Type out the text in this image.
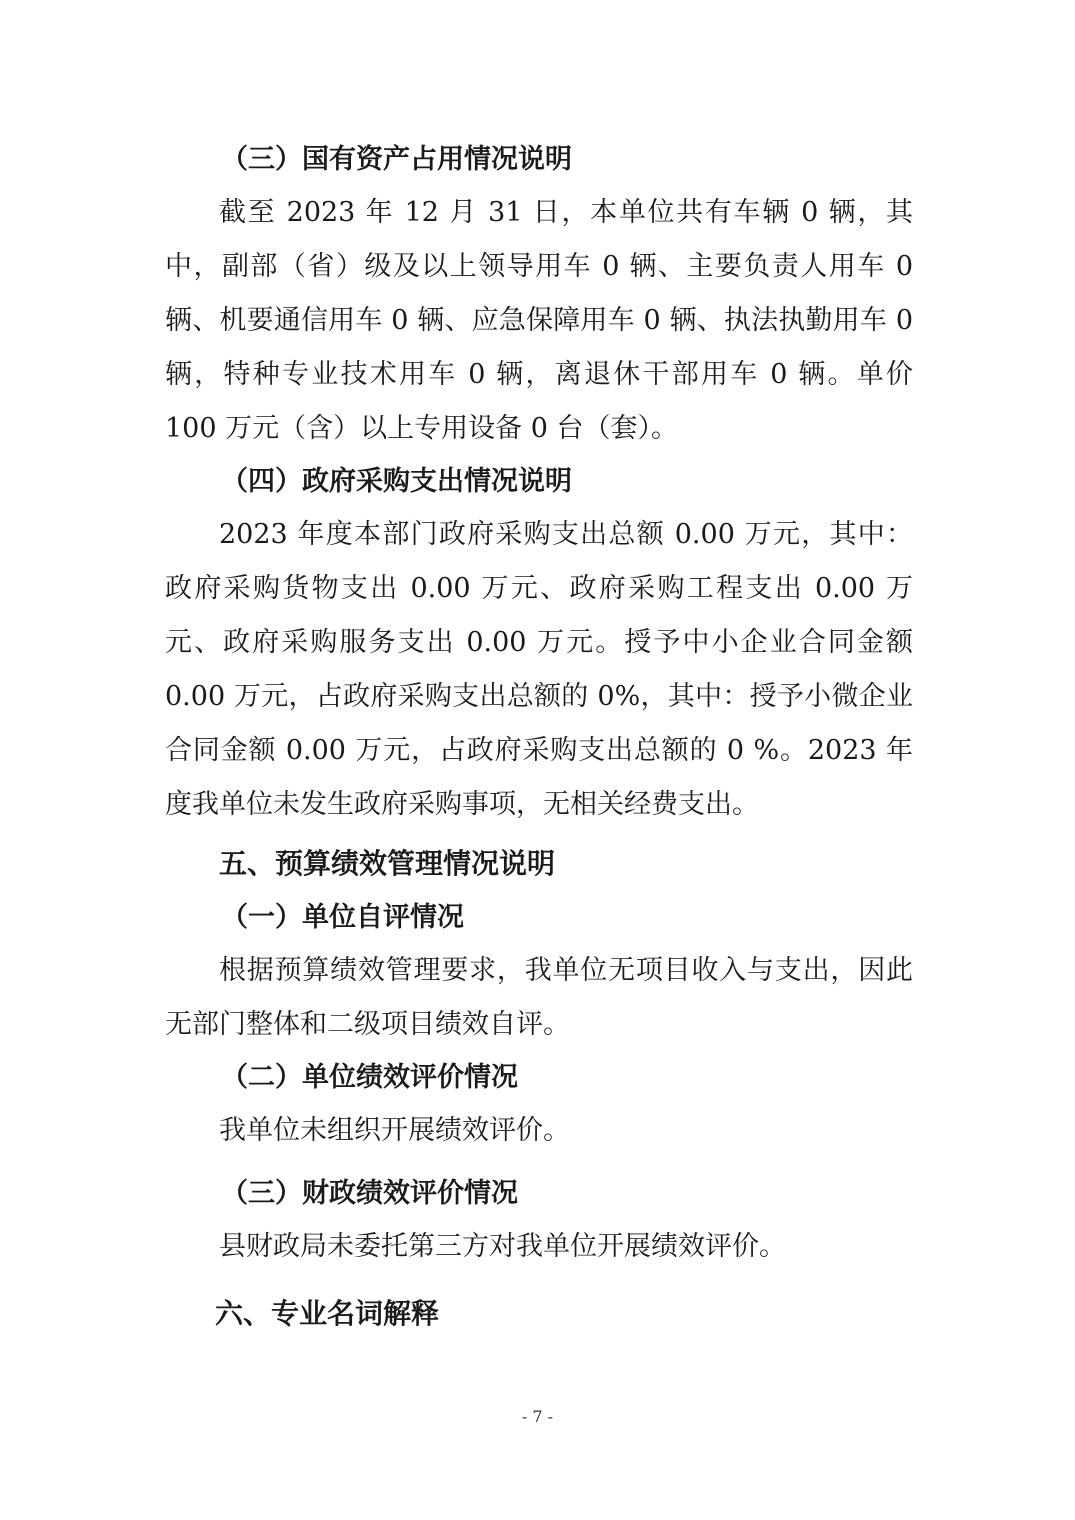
（三）国有资产占用情况说明

截至 2023 年 12 月 31 日，本单位共有车辆 0 辆，其中，副部（省）级及以上领导用车 0 辆、主要负责人用车 0 辆、机要通信用车 0 辆、应急保障用车 0 辆、执法执勤用车 0 辆，特种专业技术用车 0 辆，离退休干部用车 0 辆。单价 100 万元（含）以上专用设备 0 台（套）。

（四）政府采购支出情况说明

2023 年度本部门政府采购支出总额 0.00 万元，其中：政府采购货物支出 0.00 万元、政府采购工程支出 0.00 万元、政府采购服务支出 0.00 万元。授予中小企业合同金额 0.00 万元，占政府采购支出总额的 0%，其中：授予小微企业合同金额 0.00 万元，占政府采购支出总额的 0 %。2023 年度我单位未发生政府采购事项，无相关经费支出。

五、预算绩效管理情况说明
（一）单位自评情况

根据预算绩效管理要求，我单位无项目收入与支出，因此无部门整体和二级项目绩效自评。

（二）单位绩效评价情况

我单位未组织开展绩效评价。

（三）财政绩效评价情况

县财政局未委托第三方对我单位开展绩效评价。

六、专业名词解释
- 7 -
